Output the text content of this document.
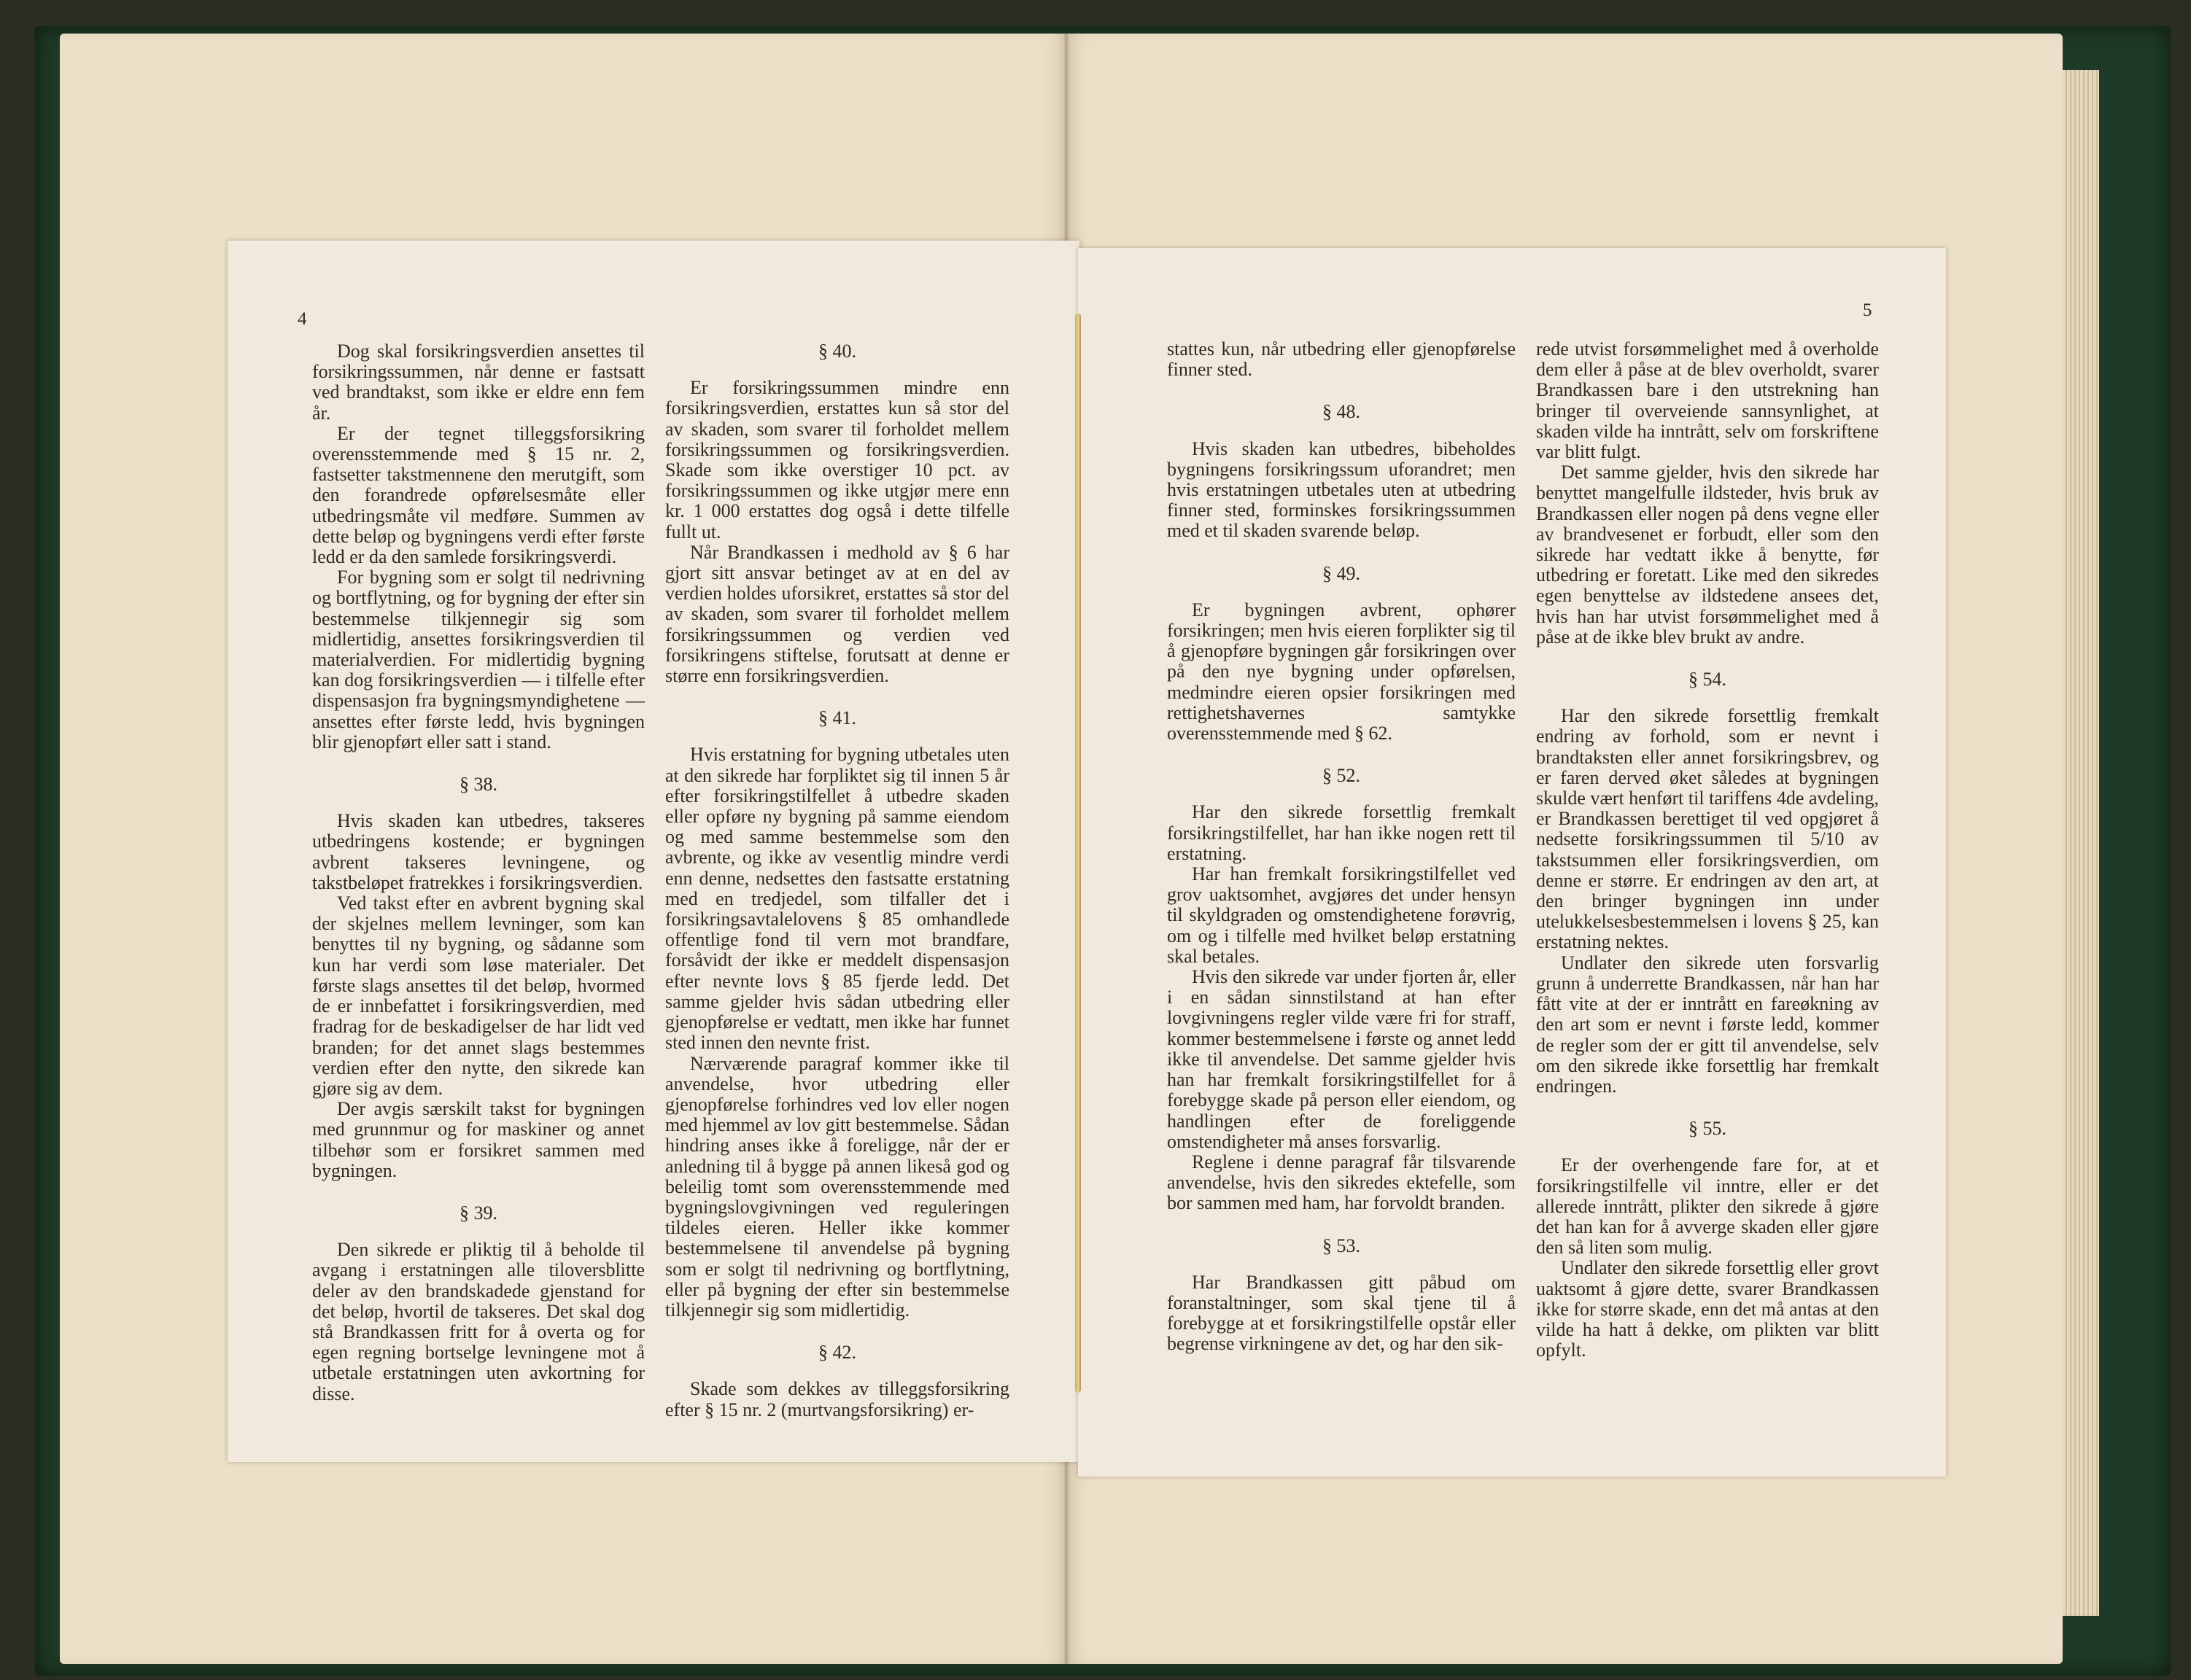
4	5

Dog skal forsikringsverdien ansettes til forsikringssummen, når denne er fastsatt ved brandtakst, som ikke er eldre enn fem år.

Er der tegnet tilleggsforsikring overensstemmende med § 15 nr. 2, fastsetter takstmennene den merutgift, som den forandrede opførelsesmåte eller utbedringsmåte vil medføre. Summen av dette beløp og bygningens verdi efter første ledd er da den samlede forsikringsverdi.

For bygning som er solgt til nedrivning og bortflytning, og for bygning der efter sin bestemmelse tilkjennegir sig som midlertidig, ansettes forsikringsverdien til materialverdien. For midlertidig bygning kan dog forsikringsverdien — i tilfelle efter dispensasjon fra bygningsmyndighetene — ansettes efter første ledd, hvis bygningen blir gjenopført eller satt i stand.

§ 38.

Hvis skaden kan utbedres, takseres utbedringens kostende; er bygningen avbrent takseres levningene, og takstbeløpet fratrekkes i forsikringsverdien.

Ved takst efter en avbrent bygning skal der skjelnes mellem levninger, som kan benyttes til ny bygning, og sådanne som kun har verdi som løse materialer. Det første slags ansettes til det beløp, hvormed de er innbefattet i forsikringsverdien, med fradrag for de beskadigelser de har lidt ved branden; for det annet slags bestemmes verdien efter den nytte, den sikrede kan gjøre sig av dem.

Der avgis særskilt takst for bygningen med grunnmur og for maskiner og annet tilbehør som er forsikret sammen med bygningen.

§ 39.

Den sikrede er pliktig til å beholde til avgang i erstatningen alle tiloversblitte deler av den brandskadede gjenstand for det beløp, hvortil de takseres. Det skal dog stå Brandkassen fritt for å overta og for egen regning bortselge levningene mot å utbetale erstatningen uten avkortning for disse.

§ 40.

Er forsikringssummen mindre enn forsikringsverdien, erstattes kun så stor del av skaden, som svarer til forholdet mellem forsikringssummen og forsikringsverdien. Skade som ikke overstiger 10 pct. av forsikringssummen og ikke utgjør mere enn kr. 1 000 erstattes dog også i dette tilfelle fullt ut.

Når Brandkassen i medhold av § 6 har gjort sitt ansvar betinget av at en del av verdien holdes uforsikret, erstattes så stor del av skaden, som svarer til forholdet mellem forsikringssummen og verdien ved forsikringens stiftelse, forutsatt at denne er større enn forsikringsverdien.

§ 41.

Hvis erstatning for bygning utbetales uten at den sikrede har forpliktet sig til innen 5 år efter forsikringstilfellet å utbedre skaden eller opføre ny bygning på samme eiendom og med samme bestemmelse som den avbrente, og ikke av vesentlig mindre verdi enn denne, nedsettes den fastsatte erstatning med en tredjedel, som tilfaller det i forsikringsavtalelovens § 85 omhandlede offentlige fond til vern mot brandfare, forsåvidt der ikke er meddelt dispensasjon efter nevnte lovs § 85 fjerde ledd. Det samme gjelder hvis sådan utbedring eller gjenopførelse er vedtatt, men ikke har funnet sted innen den nevnte frist.

Nærværende paragraf kommer ikke til anvendelse, hvor utbedring eller gjenopførelse forhindres ved lov eller nogen med hjemmel av lov gitt bestemmelse. Sådan hindring anses ikke å foreligge, når der er anledning til å bygge på annen likeså god og beleilig tomt som overensstemmende med bygningslovgivningen ved reguleringen tildeles eieren. Heller ikke kommer bestemmelsene til anvendelse på bygning som er solgt til nedrivning og bortflytning, eller på bygning der efter sin bestemmelse tilkjennegir sig som midlertidig.

§ 42.

Skade som dekkes av tilleggsforsikring efter § 15 nr. 2 (murtvangsforsikring) er-

stattes kun, når utbedring eller gjenopførelse finner sted.

§ 48.

Hvis skaden kan utbedres, bibeholdes bygningens forsikringssum uforandret; men hvis erstatningen utbetales uten at utbedring finner sted, forminskes forsikringssummen med et til skaden svarende beløp.

§ 49.

Er bygningen avbrent, ophører forsikringen; men hvis eieren forplikter sig til å gjenopføre bygningen går forsikringen over på den nye bygning under opførelsen, medmindre eieren opsier forsikringen med rettighetshavernes samtykke overensstemmende med § 62.

§ 52.

Har den sikrede forsettlig fremkalt forsikringstilfellet, har han ikke nogen rett til erstatning.

Har han fremkalt forsikringstilfellet ved grov uaktsomhet, avgjøres det under hensyn til skyldgraden og omstendighetene forøvrig, om og i tilfelle med hvilket beløp erstatning skal betales.

Hvis den sikrede var under fjorten år, eller i en sådan sinnstilstand at han efter lovgivningens regler vilde være fri for straff, kommer bestemmelsene i første og annet ledd ikke til anvendelse. Det samme gjelder hvis han har fremkalt forsikringstilfellet for å forebygge skade på person eller eiendom, og handlingen efter de foreliggende omstendigheter må anses forsvarlig.

Reglene i denne paragraf får tilsvarende anvendelse, hvis den sikredes ektefelle, som bor sammen med ham, har forvoldt branden.

§ 53.

Har Brandkassen gitt påbud om foranstaltninger, som skal tjene til å forebygge at et forsikringstilfelle opstår eller begrense virkningene av det, og har den sik-

rede utvist forsømmelighet med å overholde dem eller å påse at de blev overholdt, svarer Brandkassen bare i den utstrekning han bringer til overveiende sannsynlighet, at skaden vilde ha inntrått, selv om forskriftene var blitt fulgt.

Det samme gjelder, hvis den sikrede har benyttet mangelfulle ildsteder, hvis bruk av Brandkassen eller nogen på dens vegne eller av brandvesenet er forbudt, eller som den sikrede har vedtatt ikke å benytte, før utbedring er foretatt. Like med den sikredes egen benyttelse av ildstedene ansees det, hvis han har utvist forsømmelighet med å påse at de ikke blev brukt av andre.

§ 54.

Har den sikrede forsettlig fremkalt endring av forhold, som er nevnt i brandtaksten eller annet forsikringsbrev, og er faren derved øket således at bygningen skulde vært henført til tariffens 4de avdeling, er Brandkassen berettiget til ved opgjøret å nedsette forsikringssummen til 5/10 av takstsummen eller forsikringsverdien, om denne er større. Er endringen av den art, at den bringer bygningen inn under utelukkelsesbestemmelsen i lovens § 25, kan erstatning nektes.

Undlater den sikrede uten forsvarlig grunn å underrette Brandkassen, når han har fått vite at der er inntrått en fareøkning av den art som er nevnt i første ledd, kommer de regler som der er gitt til anvendelse, selv om den sikrede ikke forsettlig har fremkalt endringen.

§ 55.

Er der overhengende fare for, at et forsikringstilfelle vil inntre, eller er det allerede inntrått, plikter den sikrede å gjøre det han kan for å avverge skaden eller gjøre den så liten som mulig.

Undlater den sikrede forsettlig eller grovt uaktsomt å gjøre dette, svarer Brandkassen ikke for større skade, enn det må antas at den vilde ha hatt å dekke, om plikten var blitt opfylt.
